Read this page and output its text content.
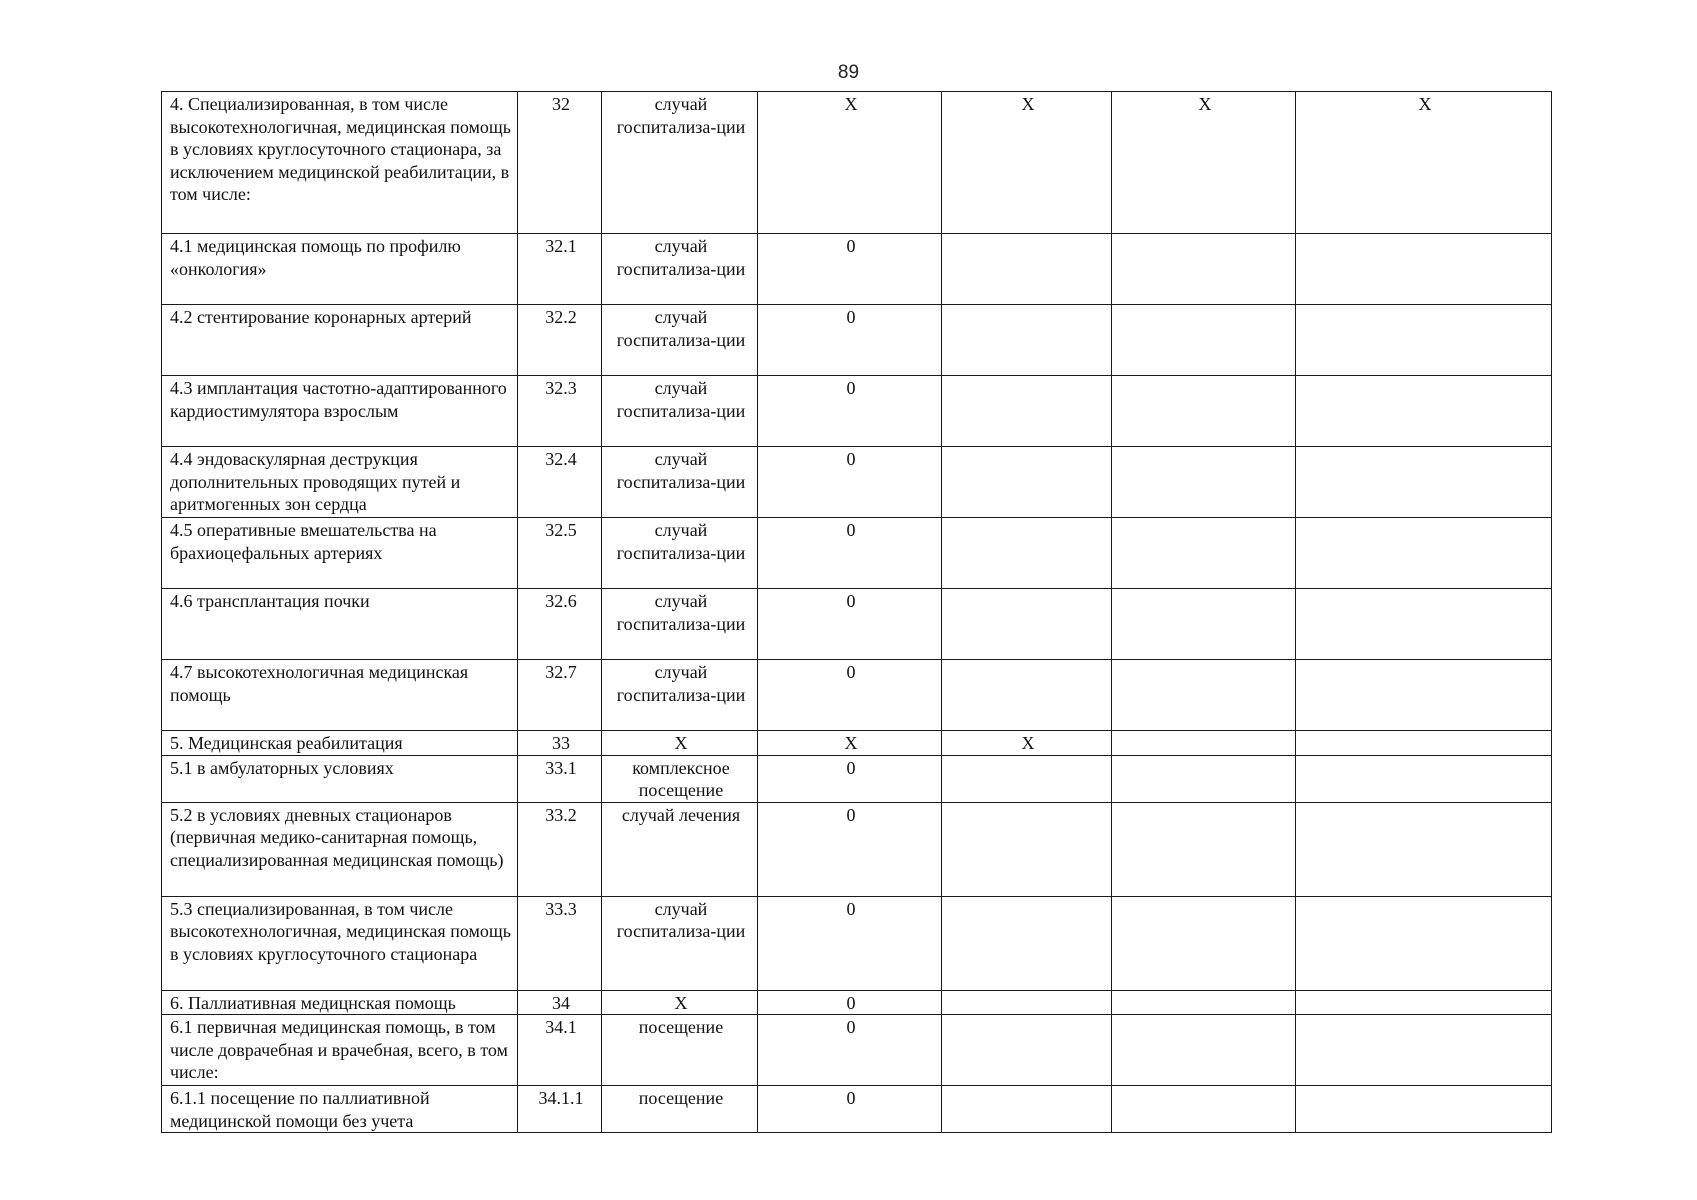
89
4. Специализированная, в том числе высокотехнологичная, медицинская помощь в условиях круглосуточного стационара, за исключением медицинской реабилитации, в том числе:	32	случай госпитализа-ции	Х	Х	Х	Х
4.1 медицинская помощь по профилю «онкология»	32.1	случай госпитализа-ции	0			
4.2 стентирование коронарных артерий	32.2	случай госпитализа-ции	0			
4.3 имплантация частотно-адаптированного кардиостимулятора взрослым	32.3	случай госпитализа-ции	0			
4.4 эндоваскулярная деструкция дополнительных проводящих путей и аритмогенных зон сердца	32.4	случай госпитализа-ции	0			
4.5 оперативные вмешательства на брахиоцефальных артериях	32.5	случай госпитализа-ции	0			
4.6 трансплантация почки	32.6	случай госпитализа-ции	0			
4.7 высокотехнологичная медицинская помощь	32.7	случай госпитализа-ции	0			
5. Медицинская реабилитация	33	Х	Х	Х		
5.1 в амбулаторных условиях	33.1	комплексное посещение	0			
5.2 в условиях дневных стационаров (первичная медико-санитарная помощь, специализированная медицинская помощь)	33.2	случай лечения	0			
5.3 специализированная, в том числе высокотехнологичная, медицинская помощь в условиях круглосуточного стационара	33.3	случай госпитализа-ции	0			
6. Паллиативная медицнская помощь	34	Х	0			
6.1 первичная медицинская помощь, в том числе доврачебная и врачебная, всего, в том числе:	34.1	посещение	0			
6.1.1 посещение по паллиативной медицинской помощи без учета	34.1.1	посещение	0			
